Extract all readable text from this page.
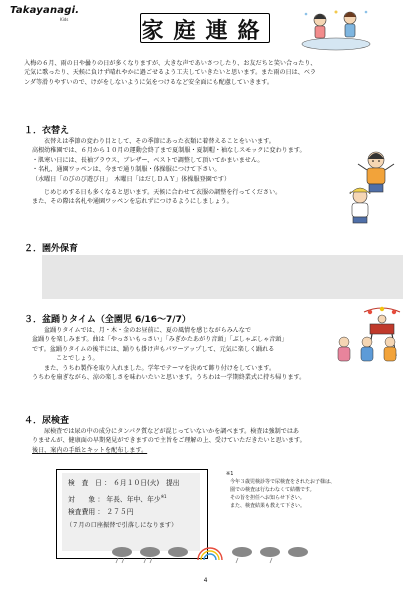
Takayanagi.
Kids	家庭連絡

入梅の６月、雨の日や曇りの日が多くなりますが、大きな声であいさつしたり、お友だちと笑い合ったり、

元気に歌ったり、天候に負けず晴れやかに過ごせるよう工夫していきたいと思います。また雨の日は、ベラ

ンダ等滑りやすいので、けがをしないように気をつけるなど安全面にも配慮していきます。

１．衣替え

衣替えは季節の変わり目として、その季節にあった衣類に着替えることをいいます。

高根幼稚園では、６月から１０月の運動会終了まで夏制服・夏制帽・袖なしスモックに変わります。

・肌寒い日には、長袖ブラウス、ブレザー、ベストで調整して頂いてかまいません。

・名札、通園ワッペンは、今まで通り制服・体操服につけて下さい。

（水曜日「のびのび遊び日」　木曜日「はだしＤＡＹ」体操服登園です）

じめじめする日も多くなると思います。天候に合わせて衣服の調整を行ってください。

また、その際は名札や通園ワッペンを忘れずにつけるようにしましょう。

２．園外保育
３．盆踊りタイム（全園児 6/16～7/7）

盆踊りタイムでは、月・木・金のお昼前に、夏の風情を感じながらみんなで

盆踊りを楽しみます。曲は「やっさいもっさい」「みぎかたあがり音頭」「ぶしゃぶしゃ音頭」

です。盆踊りタイムの後半には、踊りも掛け声もパワーアップして、元気に楽しく踊れる

ことでしょう。

また、うちわ製作を取り入れました。学年でテーマを決めて飾り付けをしています。

うちわを扇ぎながら、涼の楽しさを味わいたいと思います。うちわは一学期終業式に持ち帰ります。

４．尿検査

尿検査では尿の中の成分にタンパク質などが混じっていないかを調べます。検査は強制ではあ

りませんが、健康面の早期発見ができますので主旨をご理解の上、受けていただきたいと思います。

後日、案内の手紙とキットを配布します。

検　査　日 ： ６月１０日(火)　提出
対　　象 ： 年長、年中、年少$^{※1}$
検査費用 ： ２７５円
（７月の口座振替で引落しになります）
※1
今年３歳児検診等で尿検査をされたお子様は、
園での検査は行なわなくて結構です。
その旨を担任へお知らせ下さい。
また、検査結果も教えて下さい。
4
